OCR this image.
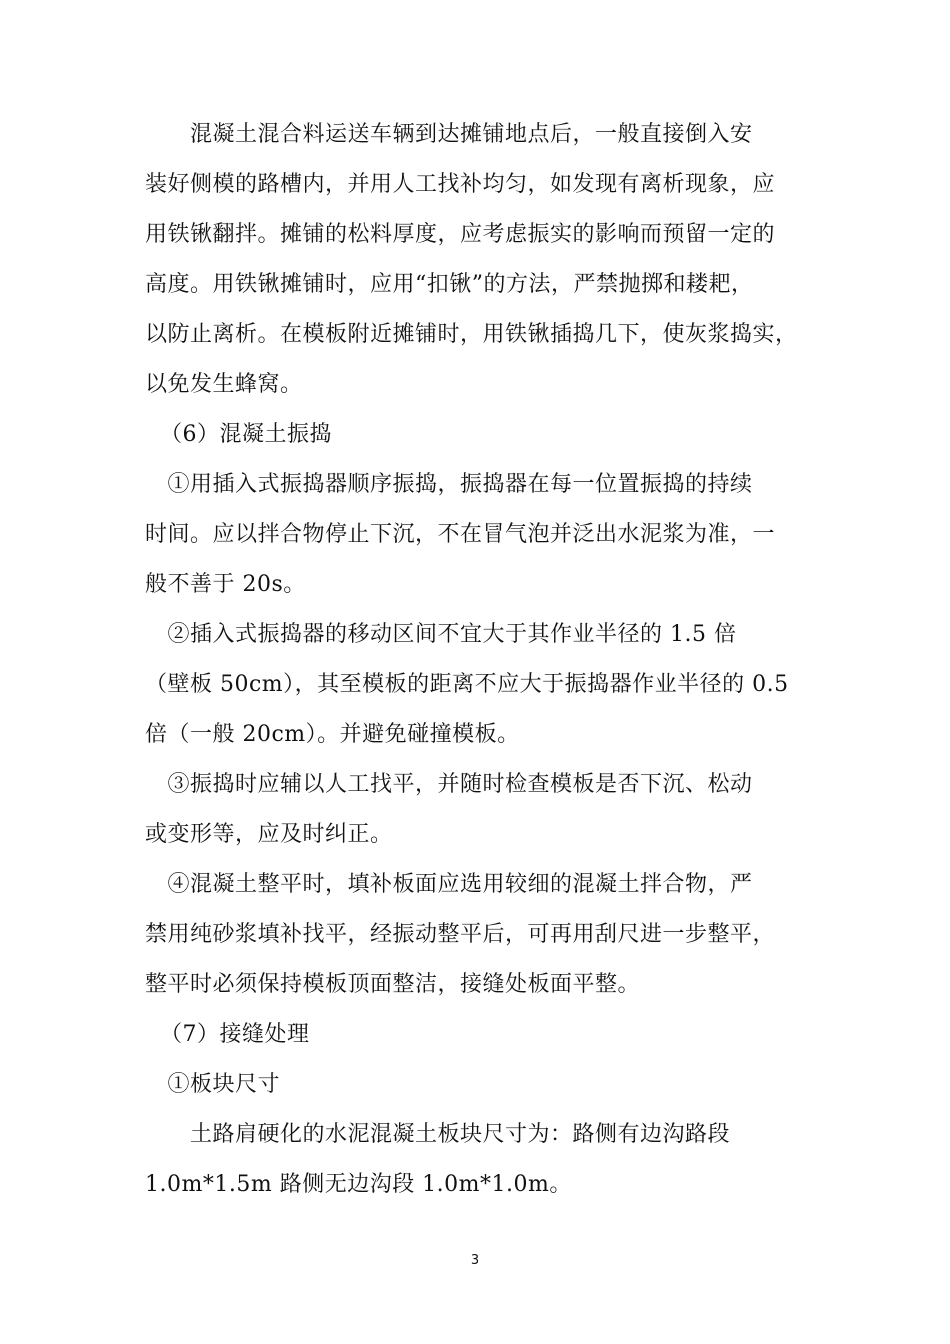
　　混凝土混合料运送车辆到达摊铺地点后，一般直接倒入安
装好侧模的路槽内，并用人工找补均匀，如发现有离析现象，应
用铁锹翻拌。摊铺的松料厚度，应考虑振实的影响而预留一定的
高度。用铁锹摊铺时，应用“扣锹”的方法，严禁抛掷和耧耙，
以防止离析。在模板附近摊铺时，用铁锹插捣几下，使灰浆捣实，
以免发生蜂窝。
（6）混凝土振捣
　①用插入式振捣器顺序振捣，振捣器在每一位置振捣的持续
时间。应以拌合物停止下沉，不在冒气泡并泛出水泥浆为准，一
般不善于 20s。
　②插入式振捣器的移动区间不宜大于其作业半径的 1.5 倍
（壁板 50cm），其至模板的距离不应大于振捣器作业半径的 0.5
倍（一般 20cm）。并避免碰撞模板。
　③振捣时应辅以人工找平，并随时检查模板是否下沉、松动
或变形等，应及时纠正。
　④混凝土整平时，填补板面应选用较细的混凝土拌合物，严
禁用纯砂浆填补找平，经振动整平后，可再用刮尺进一步整平，
整平时必须保持模板顶面整洁，接缝处板面平整。
（7）接缝处理
　①板块尺寸
　　土路肩硬化的水泥混凝土板块尺寸为：路侧有边沟路段
1.0m*1.5m 路侧无边沟段 1.0m*1.0m。
3
